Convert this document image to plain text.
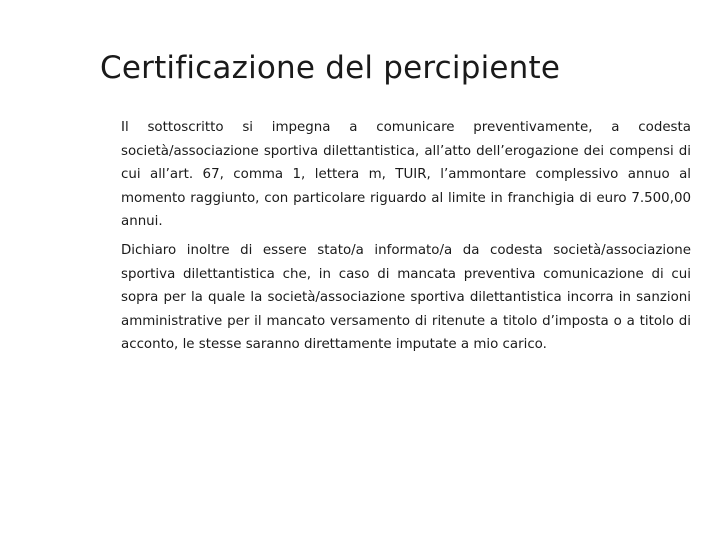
Certificazione del percipiente

Il sottoscritto si impegna a comunicare preventivamente, a codesta società/associazione sportiva dilettantistica, all’atto dell’erogazione dei compensi di cui all’art. 67, comma 1, lettera m, TUIR, l’ammontare complessivo annuo al momento raggiunto, con particolare riguardo al limite in franchigia di euro 7.500,00 annui.

Dichiaro inoltre di essere stato/a informato/a da codesta società/associazione sportiva dilettantistica che, in caso di mancata preventiva comunicazione di cui sopra per la quale la società/associazione sportiva dilettantistica incorra in sanzioni amministrative per il mancato versamento di ritenute a titolo d’imposta o a titolo di acconto, le stesse saranno direttamente imputate a mio carico.
